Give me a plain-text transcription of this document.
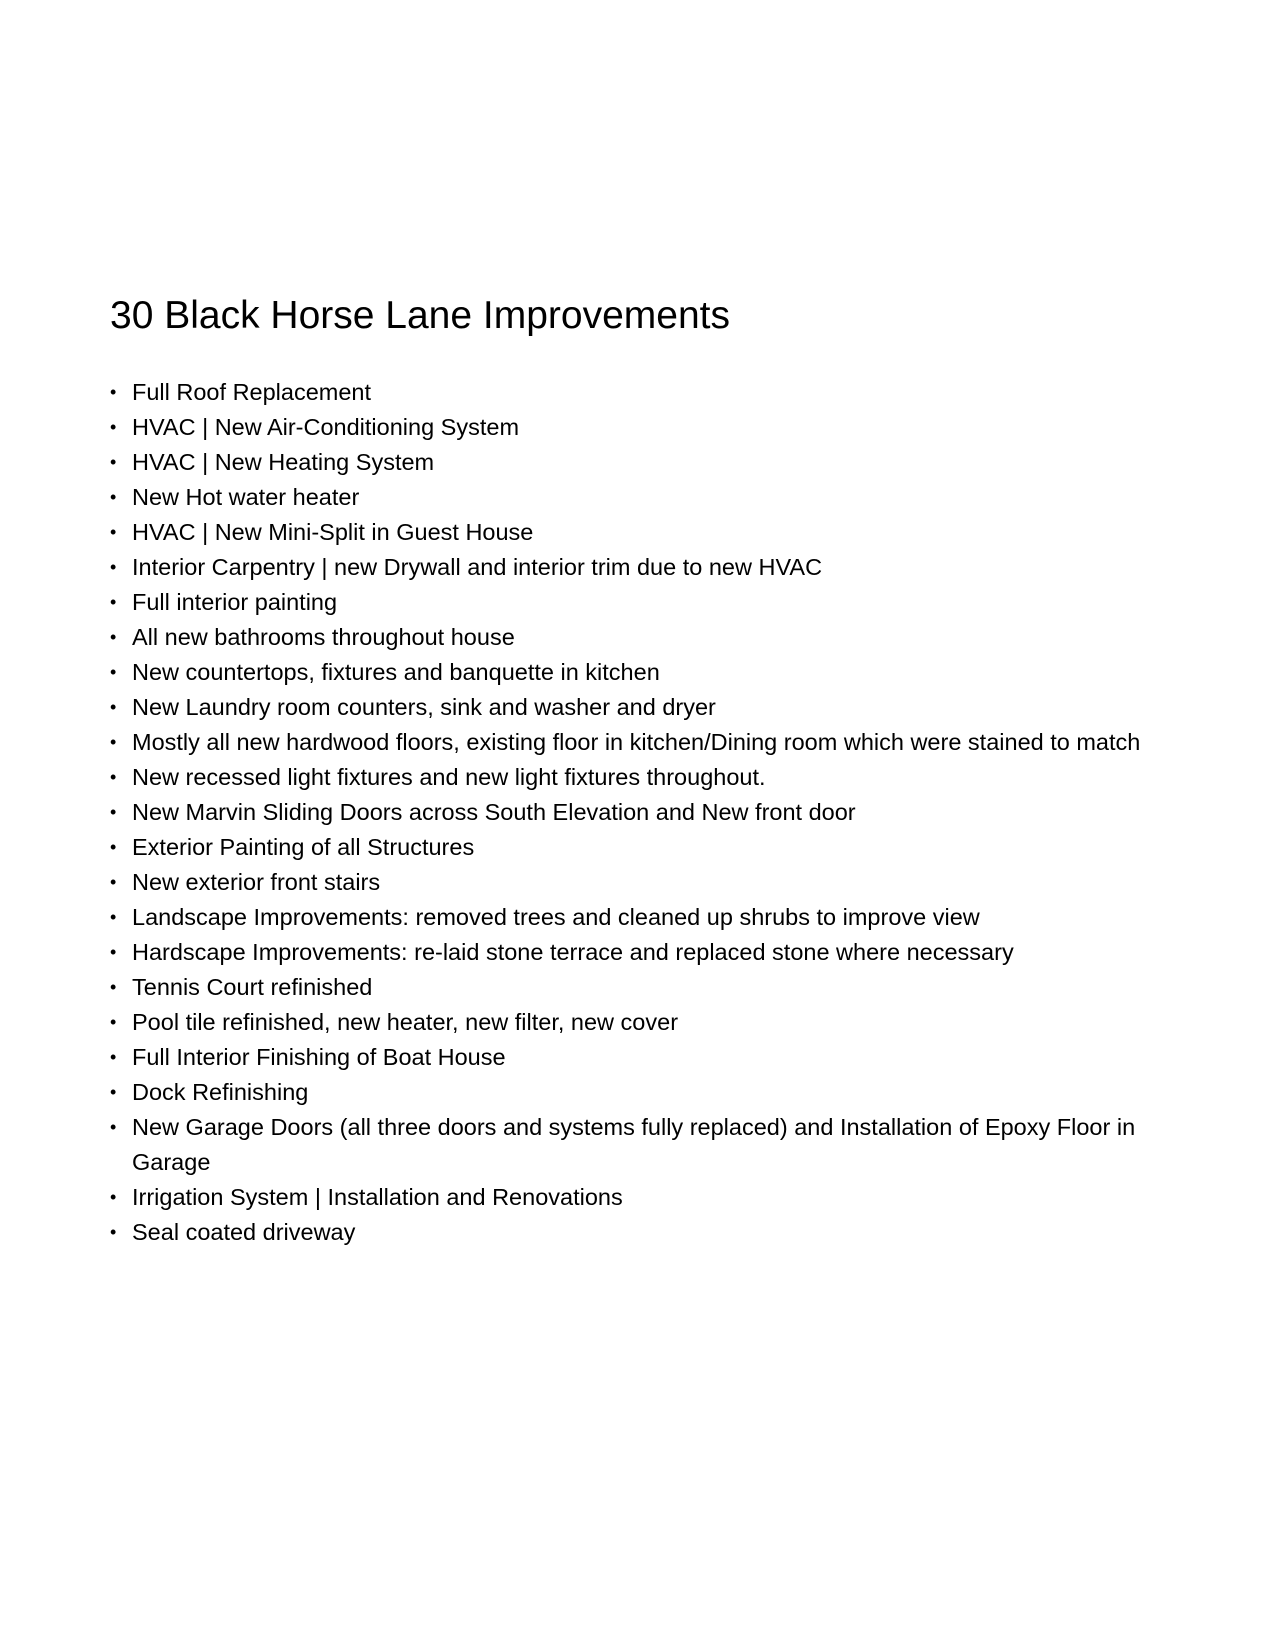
30 Black Horse Lane Improvements
• Full Roof Replacement
• HVAC | New Air-Conditioning System
• HVAC | New Heating System
• New Hot water heater
• HVAC | New Mini-Split in Guest House
• Interior Carpentry | new Drywall and interior trim due to new HVAC
• Full interior painting
• All new bathrooms throughout house
• New countertops, fixtures and banquette in kitchen
• New Laundry room counters, sink and washer and dryer
• Mostly all new hardwood floors, existing floor in kitchen/Dining room which were stained to match
• New recessed light fixtures and new light fixtures throughout.
• New Marvin Sliding Doors across South Elevation and New front door
• Exterior Painting of all Structures
• New exterior front stairs
• Landscape Improvements: removed trees and cleaned up shrubs to improve view
• Hardscape Improvements: re-laid stone terrace and replaced stone where necessary
• Tennis Court refinished
• Pool tile refinished, new heater, new filter, new cover
• Full Interior Finishing of Boat House
• Dock Refinishing
• New Garage Doors (all three doors and systems fully replaced) and Installation of Epoxy Floor in Garage
• Irrigation System | Installation and Renovations
• Seal coated driveway
